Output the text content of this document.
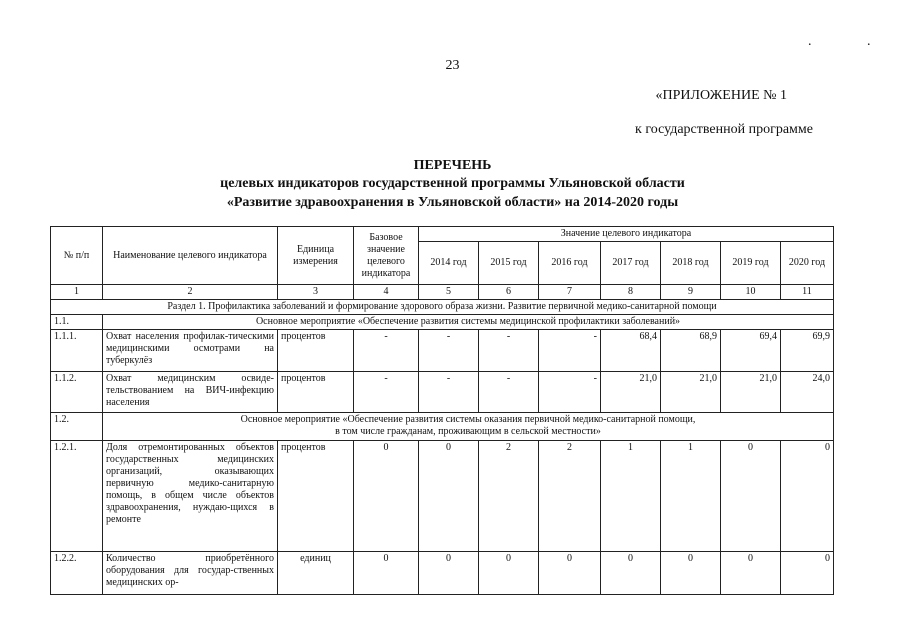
23
. .
«ПРИЛОЖЕНИЕ № 1
к государственной программе
ПЕРЕЧЕНЬ
целевых индикаторов государственной программы Ульяновской области
«Развитие здравоохранения в Ульяновской области» на 2014-2020 годы
№ п/п	Наименование целевого индикатора	Единица измерения	Базовое значение целевого индикатора	Значение целевого индикатора						
				2014 год	2015 год	2016 год	2017 год	2018 год	2019 год	2020 год
1	2	3	4	5	6	7	8	9	10	11
Раздел 1. Профилактика заболеваний и формирование здорового образа жизни. Развитие первичной медико-санитарной помощи										
1.1.	Основное мероприятие «Обеспечение развития системы медицинской профилактики заболеваний»									
1.1.1.	Охват населения профилак-тическими медицинскими осмотрами на туберкулёз	процентов	-	-	-	-	68,4	68,9	69,4	69,9
1.1.2.	Охват медицинским освиде-тельствованием на ВИЧ-инфекцию населения	процентов	-	-	-	-	21,0	21,0	21,0	24,0
1.2.	Основное мероприятие «Обеспечение развития системы оказания первичной медико-санитарной помощи,
в том числе гражданам, проживающим в сельской местности»									

1.2.1.	Доля отремонтированных объектов государственных медицинских организаций, оказывающих первичную медико-санитарную помощь, в общем числе объектов здравоохранения, нуждаю-щихся в ремонте	процентов	0	0	2	2	1	1	0	0
1.2.2.	Количество приобретённого оборудования для государ-ственных медицинских ор-	единиц	0	0	0	0	0	0	0	0
